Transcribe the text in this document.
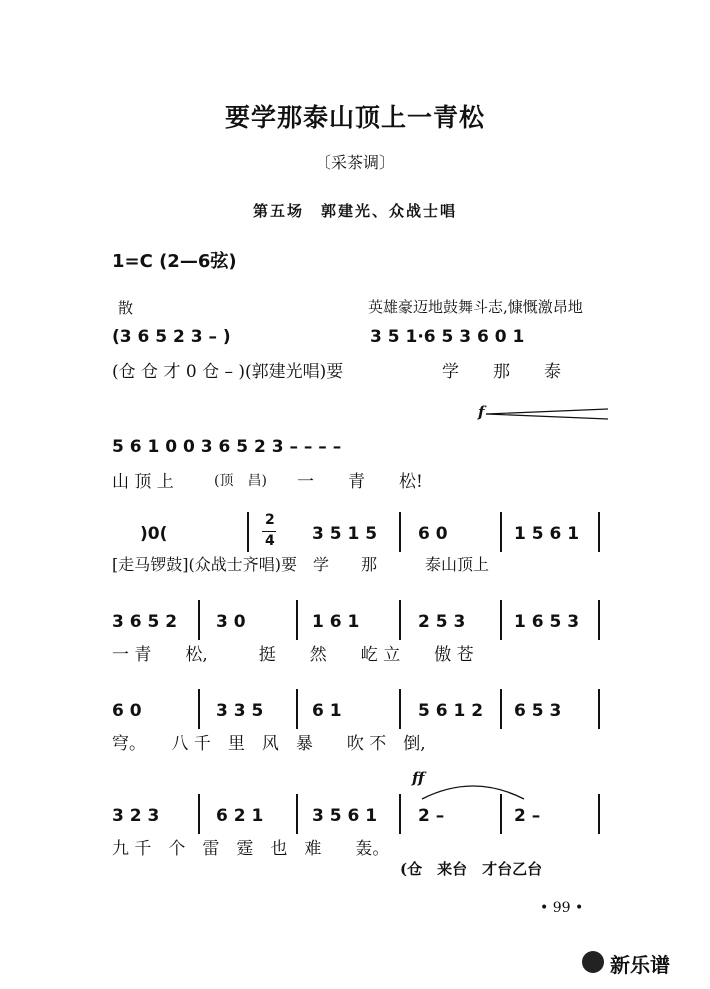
要学那泰山顶上一青松
〔采茶调〕
第五场　郭建光、众战士唱
1=C (2—6弦)
散	英雄豪迈地鼓舞斗志,慷慨激昂地
(3 6 5 2 3 – )	3 5 1·6 5 3 6 0 1
(仓 仓 才 0 仓 – )(郭建光唱)要	学　　那　　泰
f
5 6 1 0 0 3 6 5 2 3 – – – –
山 顶 上	(顶　昌) 一　　青　　松!
)0(
2
4 3 5 1 5 6 0	1 5 6 1
[走马锣鼓](众战士齐唱)要　学　　那　　　泰山顶上
3 6 5 2 3 0	1 6 1	2 5 3	1 6 5 3
一 青　　松,　　　挺　　然　　屹 立　　傲 苍
6 0	3 3 5	6 1	5 6 1 2 6 5 3
穹。　　八 千　里　风　暴　　吹 不　倒,
ff
3 2 3	6 2 1	3 5 6 1 2 –	2 –
九 千　个　雷　霆　也　难　　轰。
(仓　来台　才台乙台
• 99 •
新乐谱
